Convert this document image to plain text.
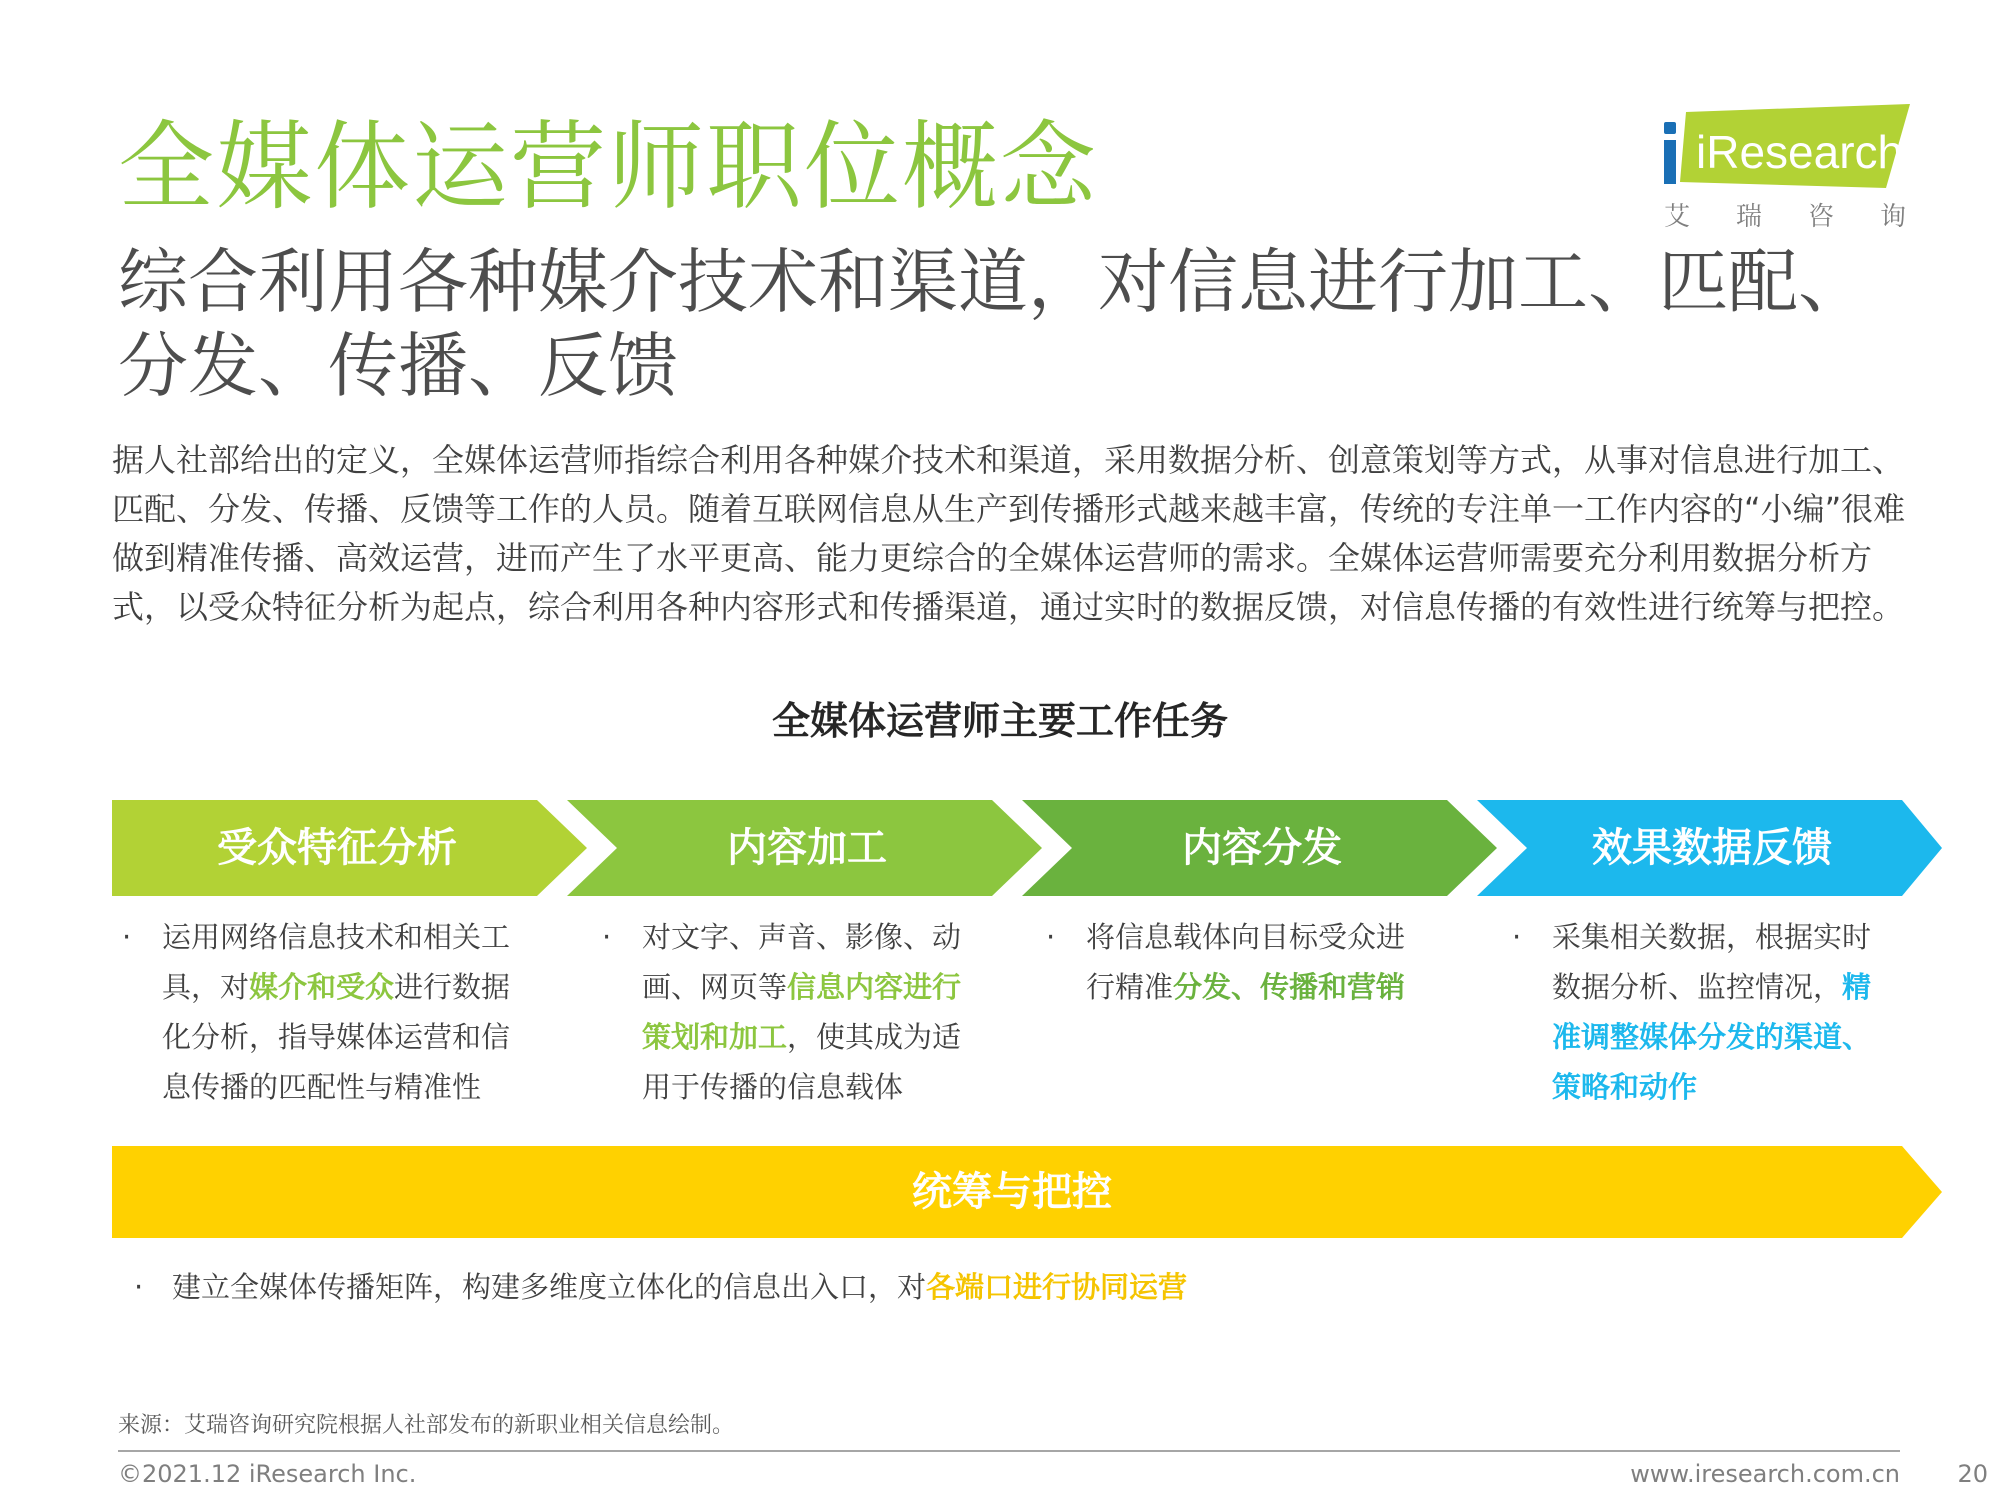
全媒体运营师职位概念
综合利用各种媒介技术和渠道，对信息进行加工、匹配、分发、传播、反馈
iResearch
艾瑞咨询

据人社部给出的定义，全媒体运营师指综合利用各种媒介技术和渠道，采用数据分析、创意策划等方式，从事对信息进行加工、匹配、分发、传播、反馈等工作的人员。随着互联网信息从生产到传播形式越来越丰富，传统的专注单一工作内容的“小编”很难做到精准传播、高效运营，进而产生了水平更高、能力更综合的全媒体运营师的需求。全媒体运营师需要充分利用数据分析方式，以受众特征分析为起点，综合利用各种内容形式和传播渠道，通过实时的数据反馈，对信息传播的有效性进行统筹与把控。

全媒体运营师主要工作任务
受众特征分析	内容加工	内容分发	效果数据反馈
· 运用网络信息技术和相关工具，对媒介和受众进行数据化分析，指导媒体运营和信息传播的匹配性与精准性
· 对文字、声音、影像、动画、网页等信息内容进行策划和加工，使其成为适用于传播的信息载体
· 将信息载体向目标受众进行精准分发、传播和营销
· 采集相关数据，根据实时数据分析、监控情况，精准调整媒体分发的渠道、策略和动作
统筹与把控
· 建立全媒体传播矩阵，构建多维度立体化的信息出入口，对各端口进行协同运营
来源：艾瑞咨询研究院根据人社部发布的新职业相关信息绘制。
©2021.12 iResearch Inc.	www.iresearch.com.cn 20
